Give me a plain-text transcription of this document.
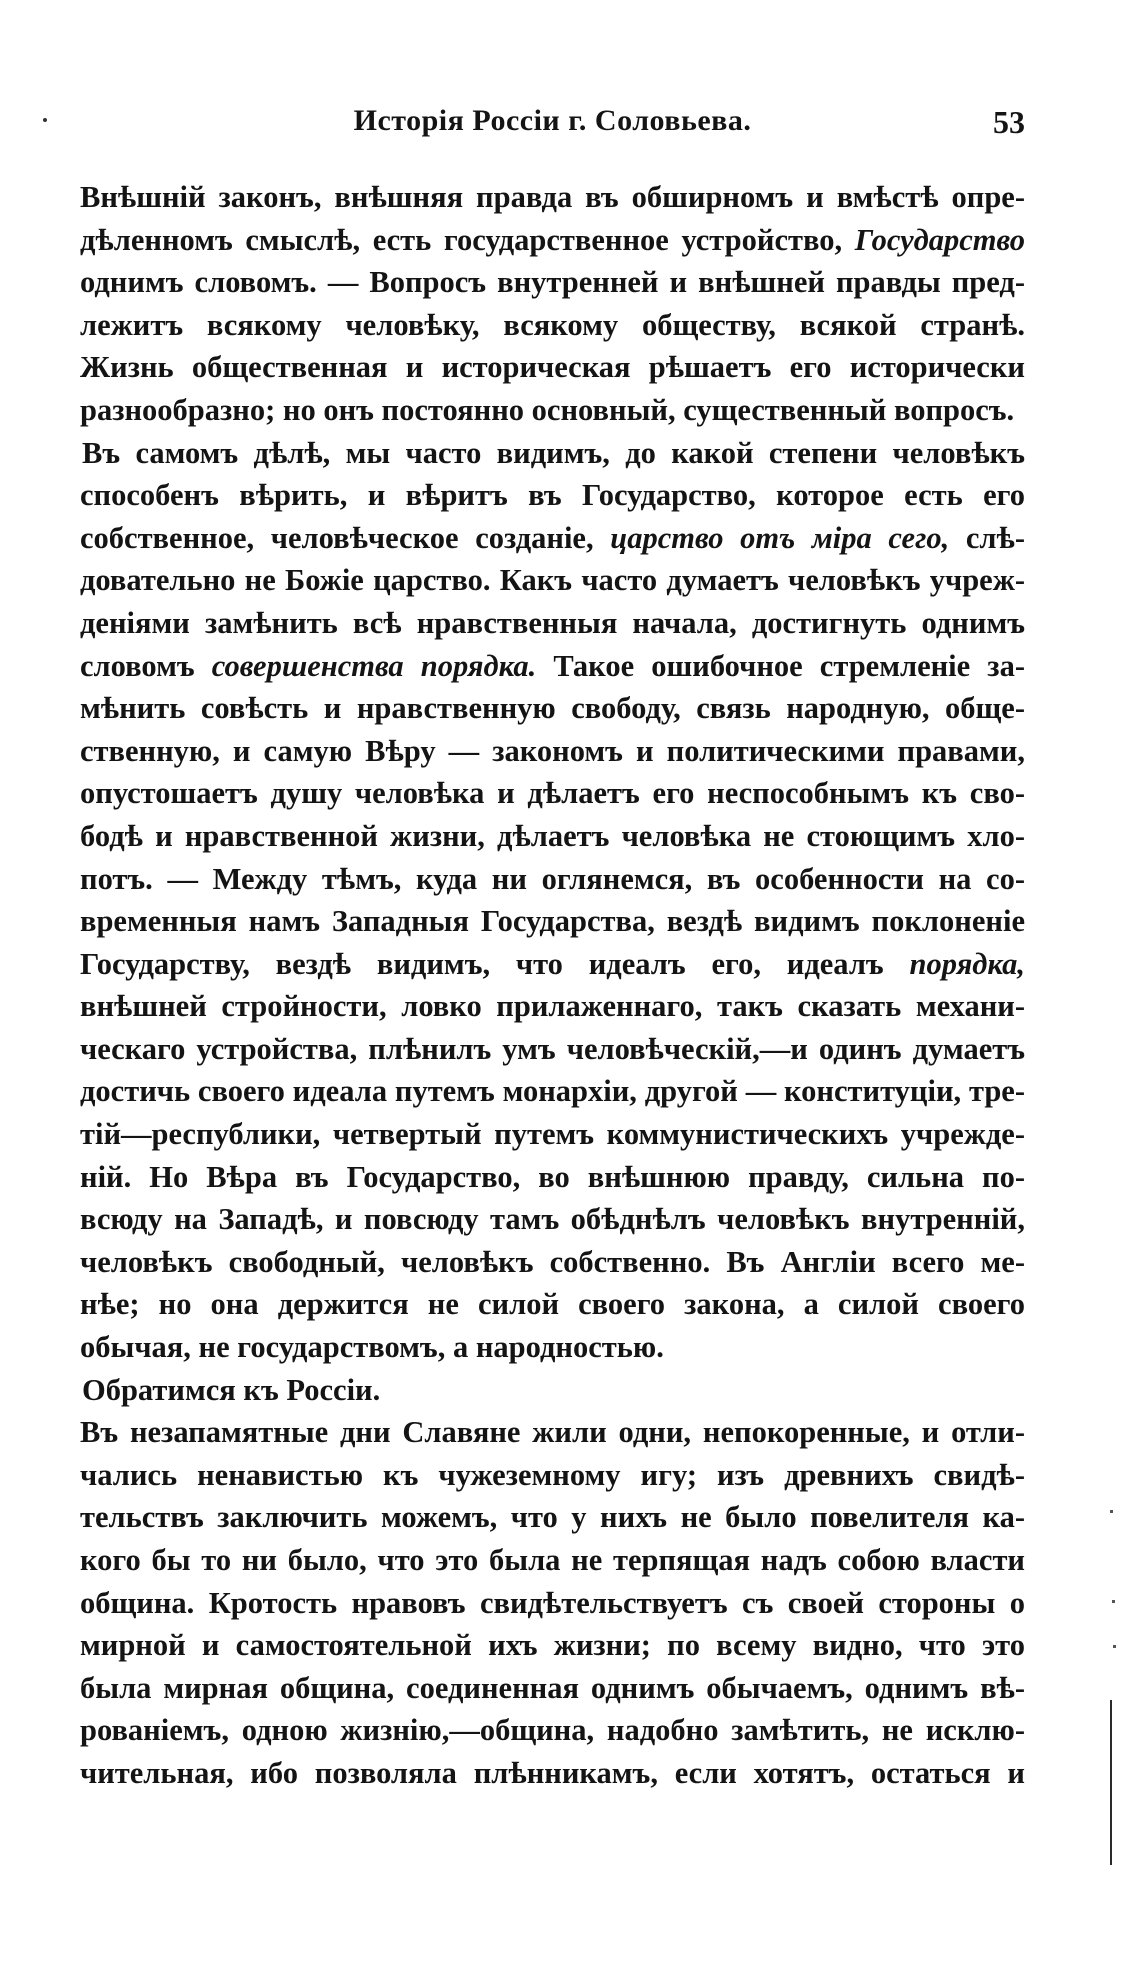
Исторія Россіи г. Соловьева.	53
Внѣшній законъ, внѣшняя правда въ обширномъ и вмѣстѣ опре-
дѣленномъ смыслѣ, есть государственное устройство, Государство
однимъ словомъ. — Вопросъ внутренней и внѣшней правды пред-
лежитъ всякому человѣку, всякому обществу, всякой странѣ.
Жизнь общественная и историческая рѣшаетъ его исторически
разнообразно; но онъ постоянно основный, существенный вопросъ.
Въ самомъ дѣлѣ, мы часто видимъ, до какой степени человѣкъ
способенъ вѣрить, и вѣритъ въ Государство, которое есть его
собственное, человѣческое созданіе, царство отъ міра сего, слѣ-
довательно не Божіе царство. Какъ часто думаетъ человѣкъ учреж-
деніями замѣнить всѣ нравственныя начала, достигнуть однимъ
словомъ совершенства порядка. Такое ошибочное стремленіе за-
мѣнить совѣсть и нравственную свободу, связь народную, обще-
ственную, и самую Вѣру — закономъ и политическими правами,
опустошаетъ душу человѣка и дѣлаетъ его неспособнымъ къ сво-
бодѣ и нравственной жизни, дѣлаетъ человѣка не стоющимъ хло-
потъ. — Между тѣмъ, куда ни оглянемся, въ особенности на со-
временныя намъ Западныя Государства, вездѣ видимъ поклоненіе
Государству, вездѣ видимъ, что идеалъ его, идеалъ порядка,
внѣшней стройности, ловко прилаженнаго, такъ сказать механи-
ческаго устройства, плѣнилъ умъ человѣческій,—и одинъ думаетъ
достичь своего идеала путемъ монархіи, другой — конституціи, тре-
тій—республики, четвертый путемъ коммунистическихъ учрежде-
ній. Но Вѣра въ Государство, во внѣшнюю правду, сильна по-
всюду на Западѣ, и повсюду тамъ обѣднѣлъ человѣкъ внутренній,
человѣкъ свободный, человѣкъ собственно. Въ Англіи всего ме-
нѣе; но она держится не силой своего закона, а силой своего
обычая, не государствомъ, а народностью.
Обратимся къ Россіи.
Въ незапамятные дни Славяне жили одни, непокоренные, и отли-
чались ненавистью къ чужеземному игу; изъ древнихъ свидѣ-
тельствъ заключить можемъ, что у нихъ не было повелителя ка-
кого бы то ни было, что это была не терпящая надъ собою власти
община. Кротость нравовъ свидѣтельствуетъ съ своей стороны о
мирной и самостоятельной ихъ жизни; по всему видно, что это
была мирная община, соединенная однимъ обычаемъ, однимъ вѣ-
рованіемъ, одною жизнію,—община, надобно замѣтить, не исклю-
чительная, ибо позволяла плѣнникамъ, если хотятъ, остаться и
